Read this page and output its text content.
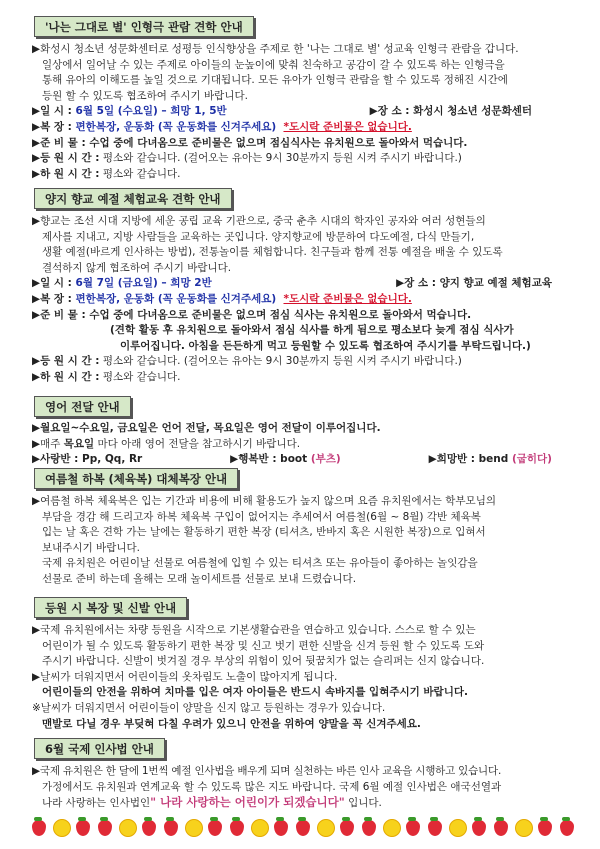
'나는 그대로 별' 인형극 관람 견학 안내
▶화성시 청소년 성문화센터로 성평등 인식향상을 주제로 한 '나는 그대로 별' 성교육 인형극 관람을 갑니다.
일상에서 일어날 수 있는 주제로 아이들의 눈높이에 맞춰 친숙하고 공감이 갈 수 있도록 하는 인형극을
통해 유아의 이해도를 높일 것으로 기대됩니다. 모든 유아가 인형극 관람을 할 수 있도록 정해진 시간에
등원 할 수 있도록 협조하여 주시기 바랍니다.
▶일 시 : 6월 5일 (수요일) – 희망 1, 5반	▶장 소 : 화성시 청소년 성문화센터
▶복 장 : 편한복장, 운동화 (꼭 운동화를 신겨주세요) *도시락 준비물은 없습니다.
▶준 비 물 : 수업 중에 다녀옴으로 준비물은 없으며 점심식사는 유치원으로 돌아와서 먹습니다.
▶등 원 시 간 : 평소와 같습니다. (걸어오는 유아는 9시 30분까지 등원 시켜 주시기 바랍니다.)
▶하 원 시 간 : 평소와 같습니다.
양지 향교 예절 체험교육 견학 안내
▶향교는 조선 시대 지방에 세운 공립 교육 기관으로, 중국 춘추 시대의 학자인 공자와 여러 성현들의
제사를 지내고, 지방 사람들을 교육하는 곳입니다. 양지향교에 방문하여 다도예절, 다식 만들기,
생활 예절(바르게 인사하는 방법), 전통놀이를 체험합니다. 친구들과 함께 전통 예절을 배울 수 있도록
결석하지 않게 협조하여 주시기 바랍니다.
▶일 시 : 6월 7일 (금요일) – 희망 2반	▶장 소 : 양지 향교 예절 체험교육
▶복 장 : 편한복장, 운동화 (꼭 운동화를 신겨주세요) *도시락 준비물은 없습니다.
▶준 비 물 : 수업 중에 다녀옴으로 준비물은 없으며 점심 식사는 유치원으로 돌아와서 먹습니다.
(견학 활동 후 유치원으로 돌아와서 점심 식사를 하게 됨으로 평소보다 늦게 점심 식사가
이루어집니다. 아침을 든든하게 먹고 등원할 수 있도록 협조하여 주시기를 부탁드립니다.)
▶등 원 시 간 : 평소와 같습니다. (걸어오는 유아는 9시 30분까지 등원 시켜 주시기 바랍니다.)
▶하 원 시 간 : 평소와 같습니다.
영어 전달 안내
▶월요일~수요일, 금요일은 언어 전달, 목요일은 영어 전달이 이루어집니다.
▶매주 목요일 마다 아래 영어 전달을 참고하시기 바랍니다.
▶사랑반 : Pp, Qq, Rr	▶행복반 : boot (부츠)	▶희망반 : bend (굽히다)
여름철 하복 (체육복) 대체복장 안내
▶여름철 하복 체육복은 입는 기간과 비용에 비해 활용도가 높지 않으며 요즘 유치원에서는 학부모님의
부담을 경감 해 드리고자 하복 체육복 구입이 없어지는 추세여서 여름철(6월 ~ 8월) 각반 체육복
입는 날 혹은 견학 가는 날에는 활동하기 편한 복장 (티셔츠, 반바지 혹은 시원한 복장)으로 입혀서
보내주시기 바랍니다.
국제 유치원은 어린이날 선물로 여름철에 입힐 수 있는 티셔츠 또는 유아들이 좋아하는 놀잇감을
선물로 준비 하는데 올해는 모래 놀이세트를 선물로 보내 드렸습니다.
등원 시 복장 및 신발 안내
▶국제 유치원에서는 차량 등원을 시작으로 기본생활습관을 연습하고 있습니다. 스스로 할 수 있는
어린이가 될 수 있도록 활동하기 편한 복장 및 신고 벗기 편한 신발을 신겨 등원 할 수 있도록 도와
주시기 바랍니다. 신발이 벗겨질 경우 부상의 위험이 있어 뒷꿈치가 없는 슬리퍼는 신지 않습니다.
▶날씨가 더워지면서 어린이들의 옷차림도 노출이 많아지게 됩니다.
어린이들의 안전을 위하여 치마를 입은 여자 아이들은 반드시 속바지를 입혀주시기 바랍니다.
※날씨가 더워지면서 어린이들이 양말을 신지 않고 등원하는 경우가 있습니다.
맨발로 다닐 경우 부딪혀 다칠 우려가 있으니 안전을 위하여 양말을 꼭 신겨주세요.
6월 국제 인사법 안내
▶국제 유치원은 한 달에 1번씩 예절 인사법을 배우게 되며 실천하는 바른 인사 교육을 시행하고 있습니다.
가정에서도 유치원과 연계교육 할 수 있도록 많은 지도 바랍니다. 국제 6월 예절 인사법은 애국선열과
나라 사랑하는 인사법인" 나라 사랑하는 어린이가 되겠습니다" 입니다.
